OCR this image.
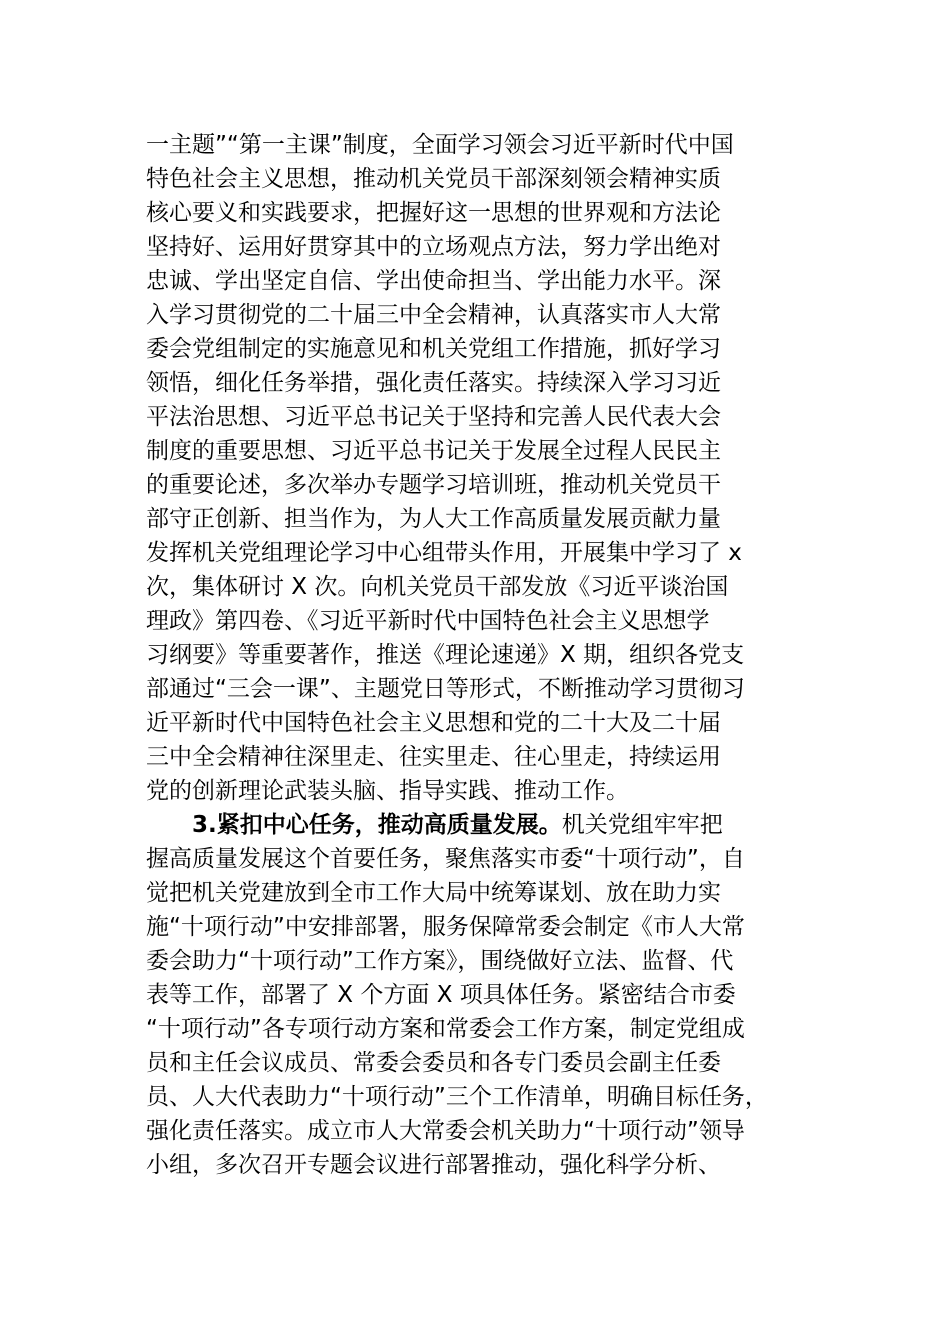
一主题”“第一主课”制度，全面学习领会习近平新时代中国
特色社会主义思想，推动机关党员干部深刻领会精神实质
核心要义和实践要求，把握好这一思想的世界观和方法论
坚持好、运用好贯穿其中的立场观点方法，努力学出绝对
忠诚、学出坚定自信、学出使命担当、学出能力水平。深
入学习贯彻党的二十届三中全会精神，认真落实市人大常
委会党组制定的实施意见和机关党组工作措施，抓好学习
领悟，细化任务举措，强化责任落实。持续深入学习习近
平法治思想、习近平总书记关于坚持和完善人民代表大会
制度的重要思想、习近平总书记关于发展全过程人民民主
的重要论述，多次举办专题学习培训班，推动机关党员干
部守正创新、担当作为，为人大工作高质量发展贡献力量
发挥机关党组理论学习中心组带头作用，开展集中学习了 x
次，集体研讨 X 次。向机关党员干部发放《习近平谈治国
理政》第四卷、《习近平新时代中国特色社会主义思想学
习纲要》等重要著作，推送《理论速递》X 期，组织各党支
部通过“三会一课”、主题党日等形式，不断推动学习贯彻习
近平新时代中国特色社会主义思想和党的二十大及二十届
三中全会精神往深里走、往实里走、往心里走，持续运用
党的创新理论武装头脑、指导实践、推动工作。
3.紧扣中心任务，推动高质量发展。机关党组牢牢把
握高质量发展这个首要任务，聚焦落实市委“十项行动”，自
觉把机关党建放到全市工作大局中统筹谋划、放在助力实
施“十项行动”中安排部署，服务保障常委会制定《市人大常
委会助力“十项行动”工作方案》，围绕做好立法、监督、代
表等工作，部署了 X 个方面 X 项具体任务。紧密结合市委
“十项行动”各专项行动方案和常委会工作方案，制定党组成
员和主任会议成员、常委会委员和各专门委员会副主任委
员、人大代表助力“十项行动”三个工作清单，明确目标任务，
强化责任落实。成立市人大常委会机关助力“十项行动”领导
小组，多次召开专题会议进行部署推动，强化科学分析、
